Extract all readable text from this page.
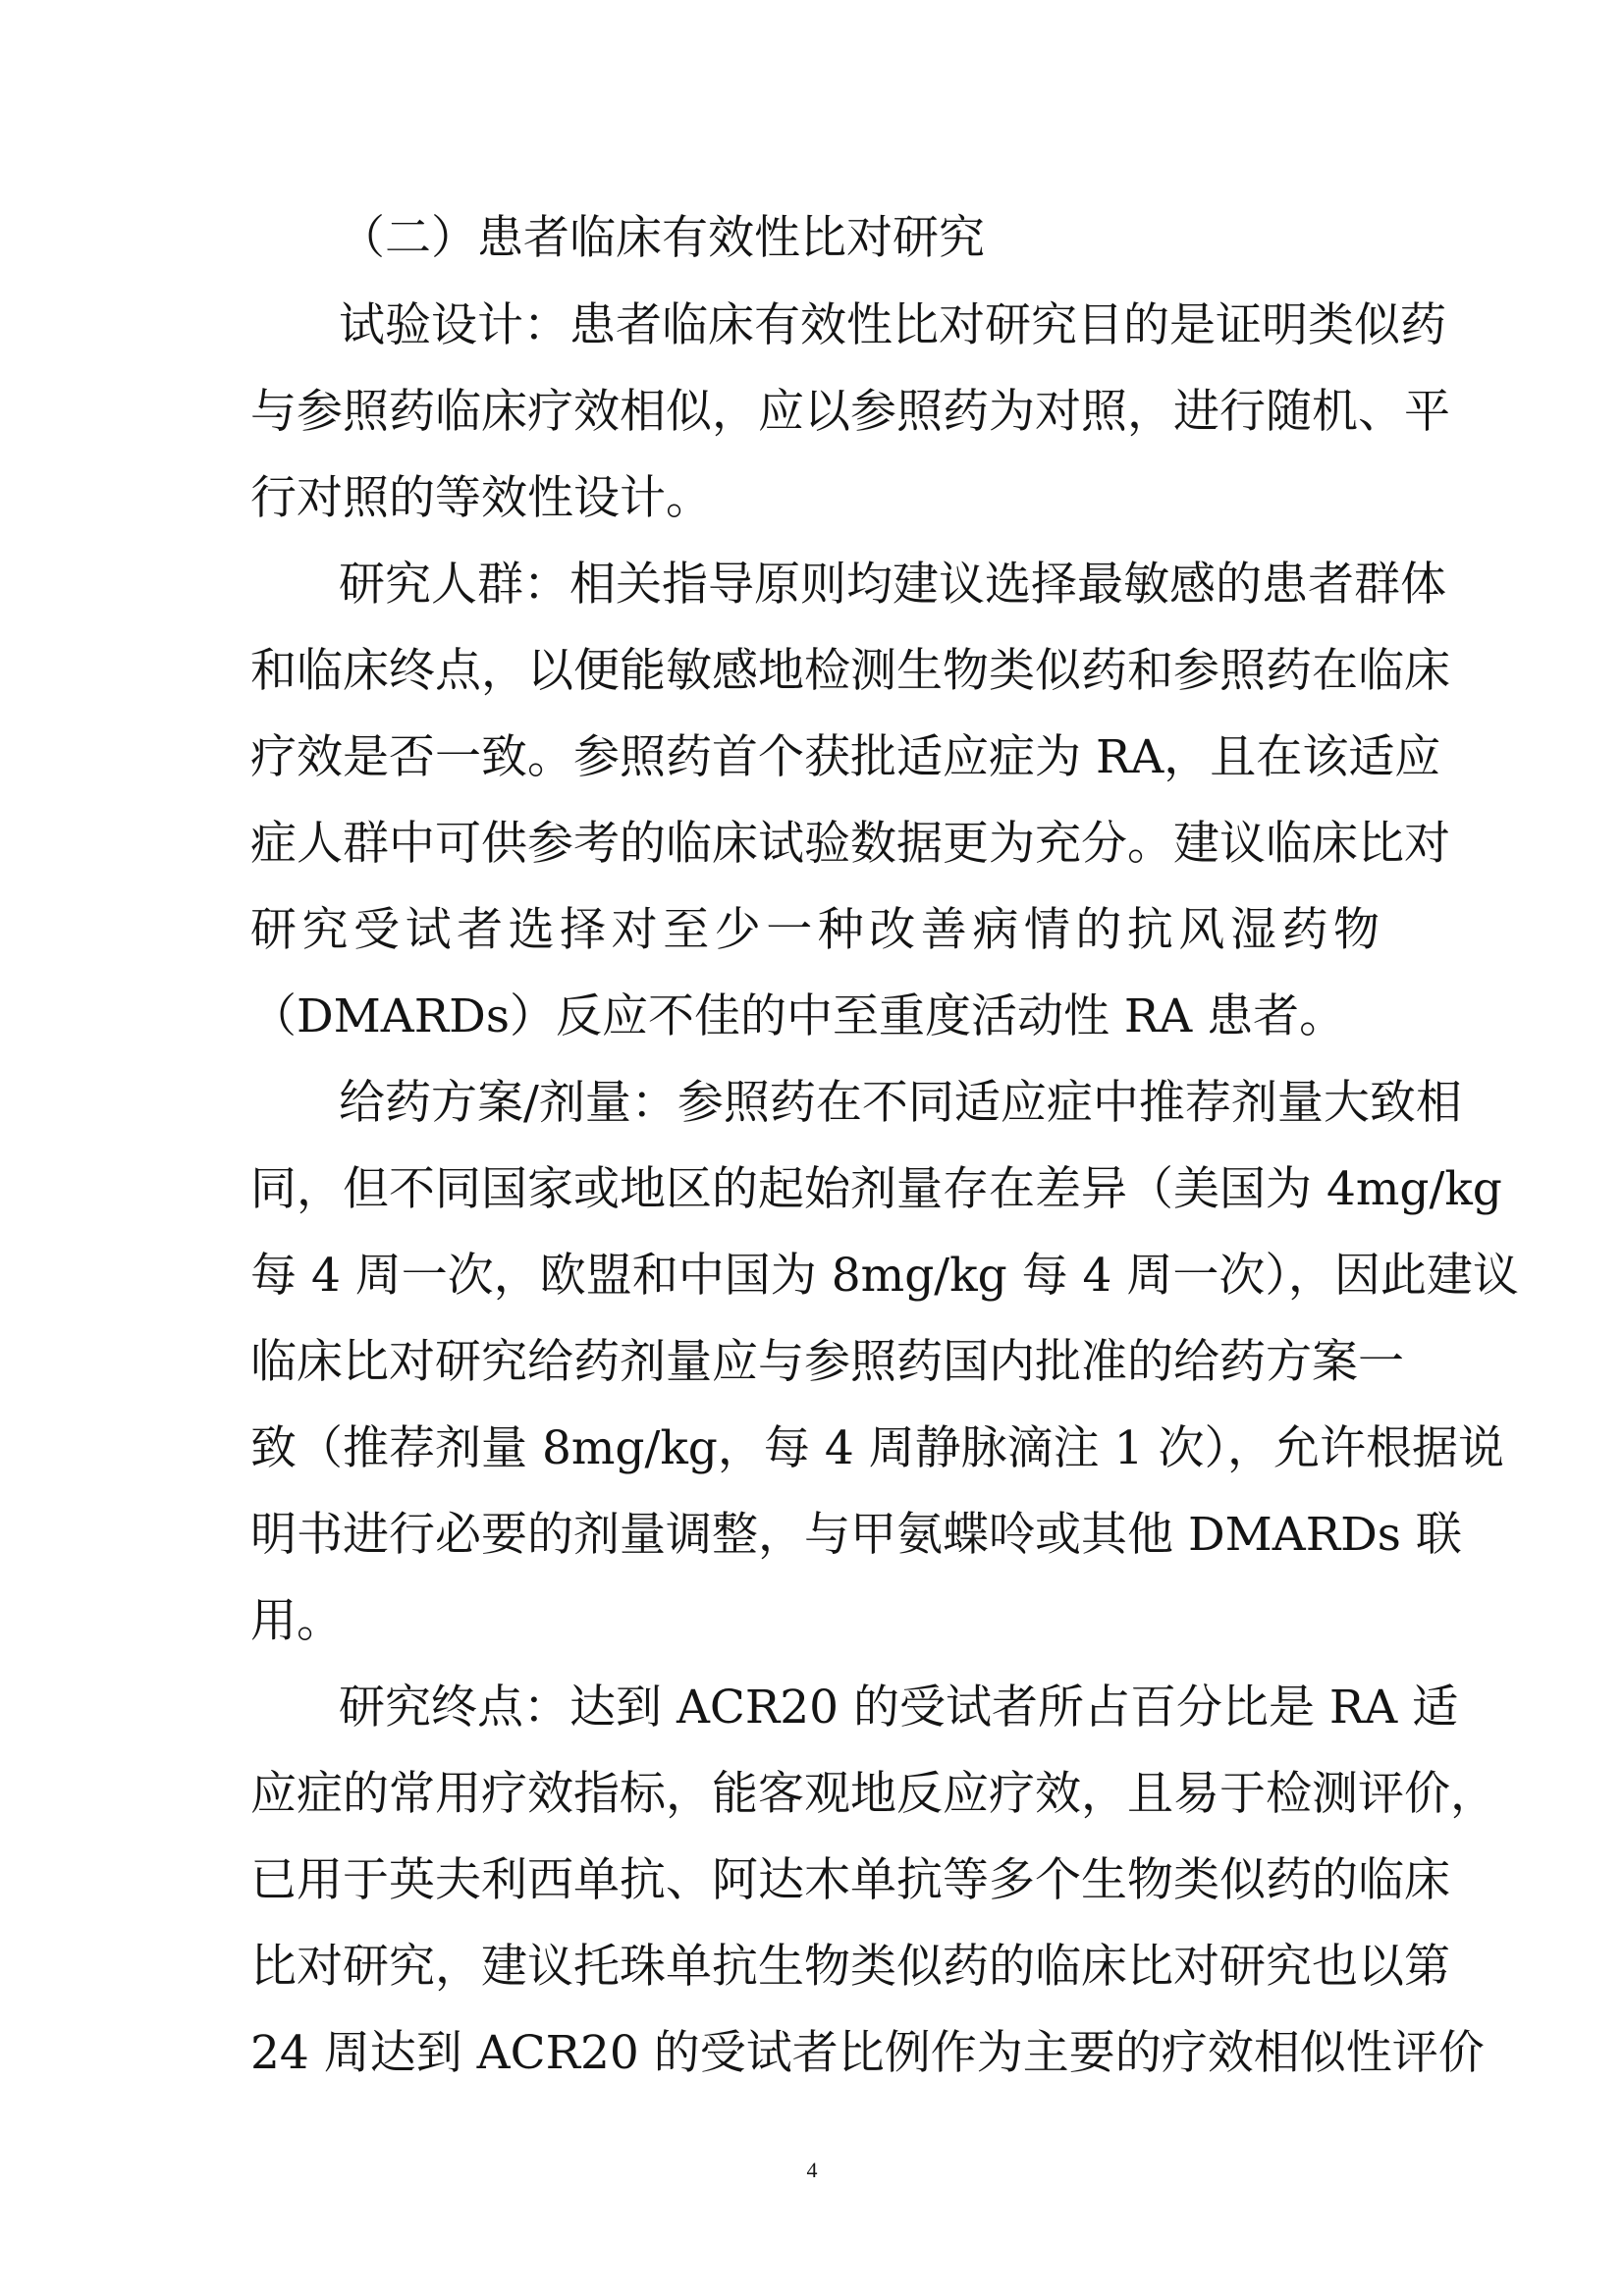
（二）患者临床有效性比对研究
试验设计：患者临床有效性比对研究目的是证明类似药
与参照药临床疗效相似，应以参照药为对照，进行随机、平
行对照的等效性设计。
研究人群：相关指导原则均建议选择最敏感的患者群体
和临床终点，以便能敏感地检测生物类似药和参照药在临床
疗效是否一致。参照药首个获批适应症为 RA，且在该适应
症人群中可供参考的临床试验数据更为充分。建议临床比对
研究受试者选择对至少一种改善病情的抗风湿药物
（DMARDs）反应不佳的中至重度活动性 RA 患者。
给药方案/剂量：参照药在不同适应症中推荐剂量大致相
同，但不同国家或地区的起始剂量存在差异（美国为 4mg/kg
每 4 周一次，欧盟和中国为 8mg/kg 每 4 周一次），因此建议
临床比对研究给药剂量应与参照药国内批准的给药方案一
致（推荐剂量 8mg/kg，每 4 周静脉滴注 1 次），允许根据说
明书进行必要的剂量调整，与甲氨蝶呤或其他 DMARDs 联
用。
研究终点：达到 ACR20 的受试者所占百分比是 RA 适
应症的常用疗效指标，能客观地反应疗效，且易于检测评价，
已用于英夫利西单抗、阿达木单抗等多个生物类似药的临床
比对研究，建议托珠单抗生物类似药的临床比对研究也以第
24 周达到 ACR20 的受试者比例作为主要的疗效相似性评价
4
